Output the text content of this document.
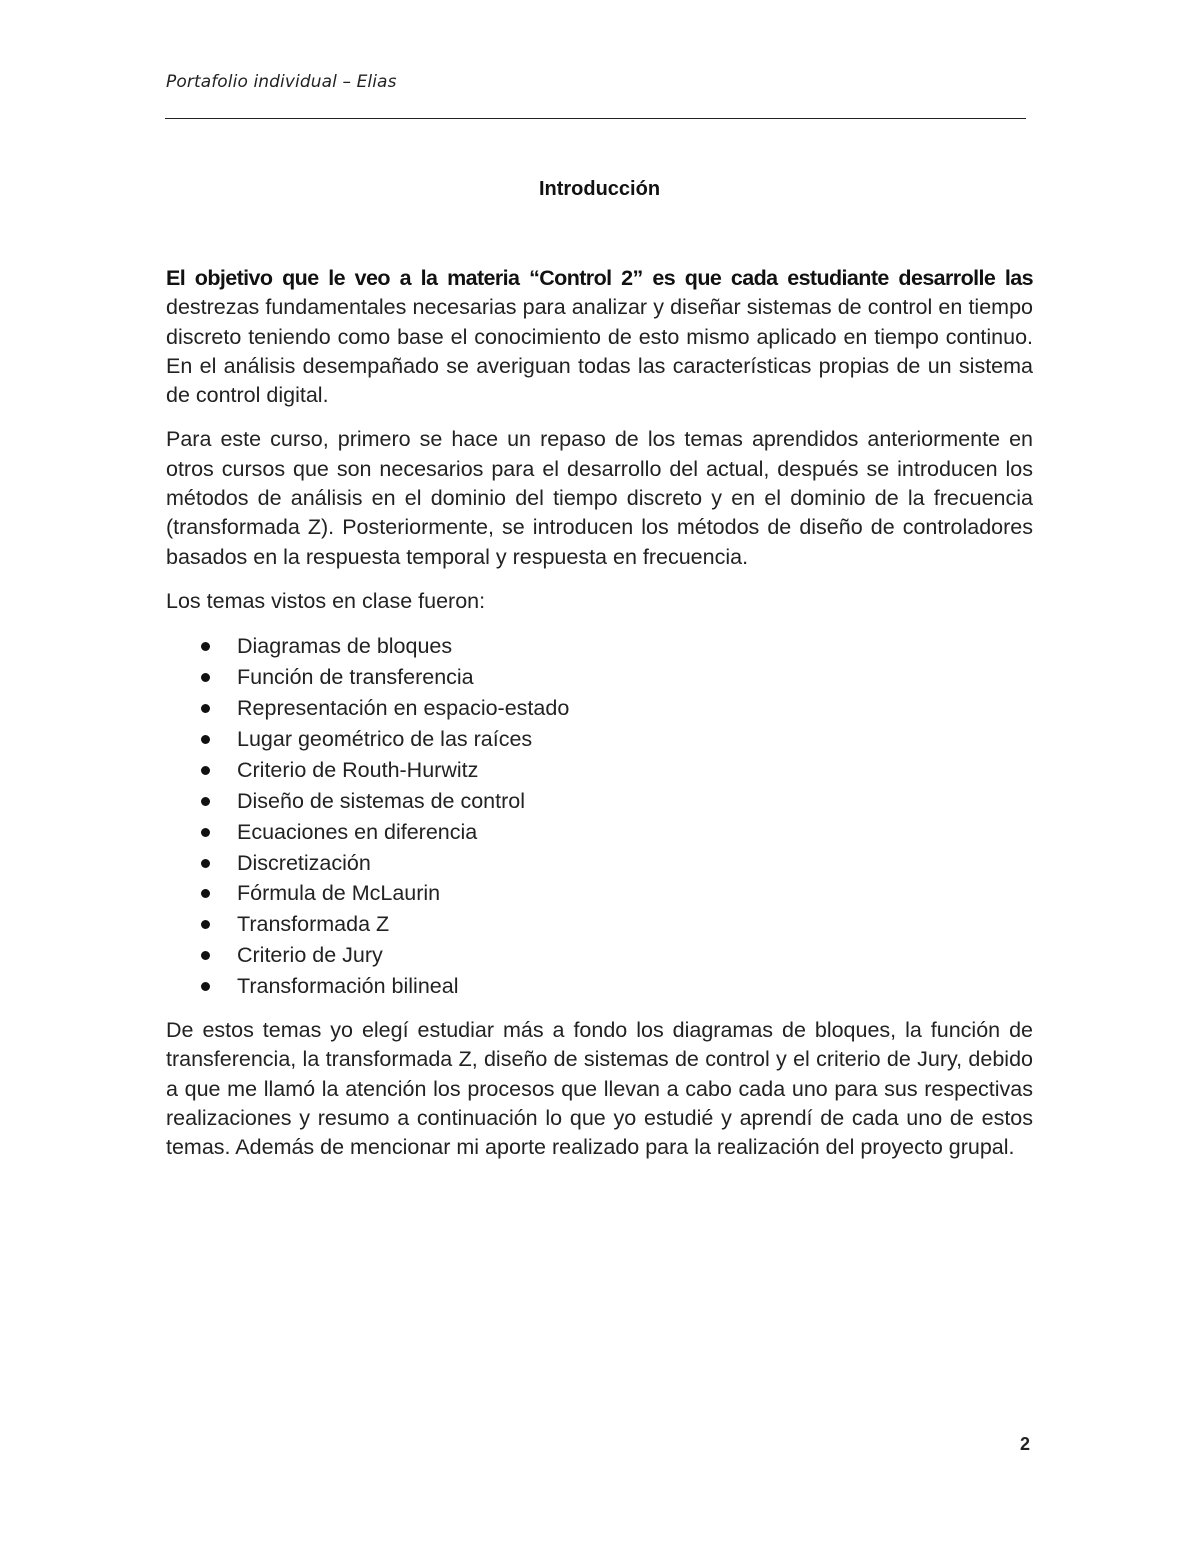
Portafolio individual – Elias
Introducción

El objetivo que le veo a la materia “Control 2” es que cada estudiante desarrolle las destrezas fundamentales necesarias para analizar y diseñar sistemas de control en tiempo discreto teniendo como base el conocimiento de esto mismo aplicado en tiempo continuo. En el análisis desempañado se averiguan todas las características propias de un sistema de control digital.

Para este curso, primero se hace un repaso de los temas aprendidos anteriormente en otros cursos que son necesarios para el desarrollo del actual, después se introducen los métodos de análisis en el dominio del tiempo discreto y en el dominio de la frecuencia (transformada Z). Posteriormente, se introducen los métodos de diseño de controladores basados en la respuesta temporal y respuesta en frecuencia.

Los temas vistos en clase fueron:

Diagramas de bloques
Función de transferencia
Representación en espacio-estado
Lugar geométrico de las raíces
Criterio de Routh-Hurwitz
Diseño de sistemas de control
Ecuaciones en diferencia
Discretización
Fórmula de McLaurin
Transformada Z
Criterio de Jury
Transformación bilineal

De estos temas yo elegí estudiar más a fondo los diagramas de bloques, la función de transferencia, la transformada Z, diseño de sistemas de control y el criterio de Jury, debido a que me llamó la atención los procesos que llevan a cabo cada uno para sus respectivas realizaciones y resumo a continuación lo que yo estudié y aprendí de cada uno de estos temas. Además de mencionar mi aporte realizado para la realización del proyecto grupal.

2
